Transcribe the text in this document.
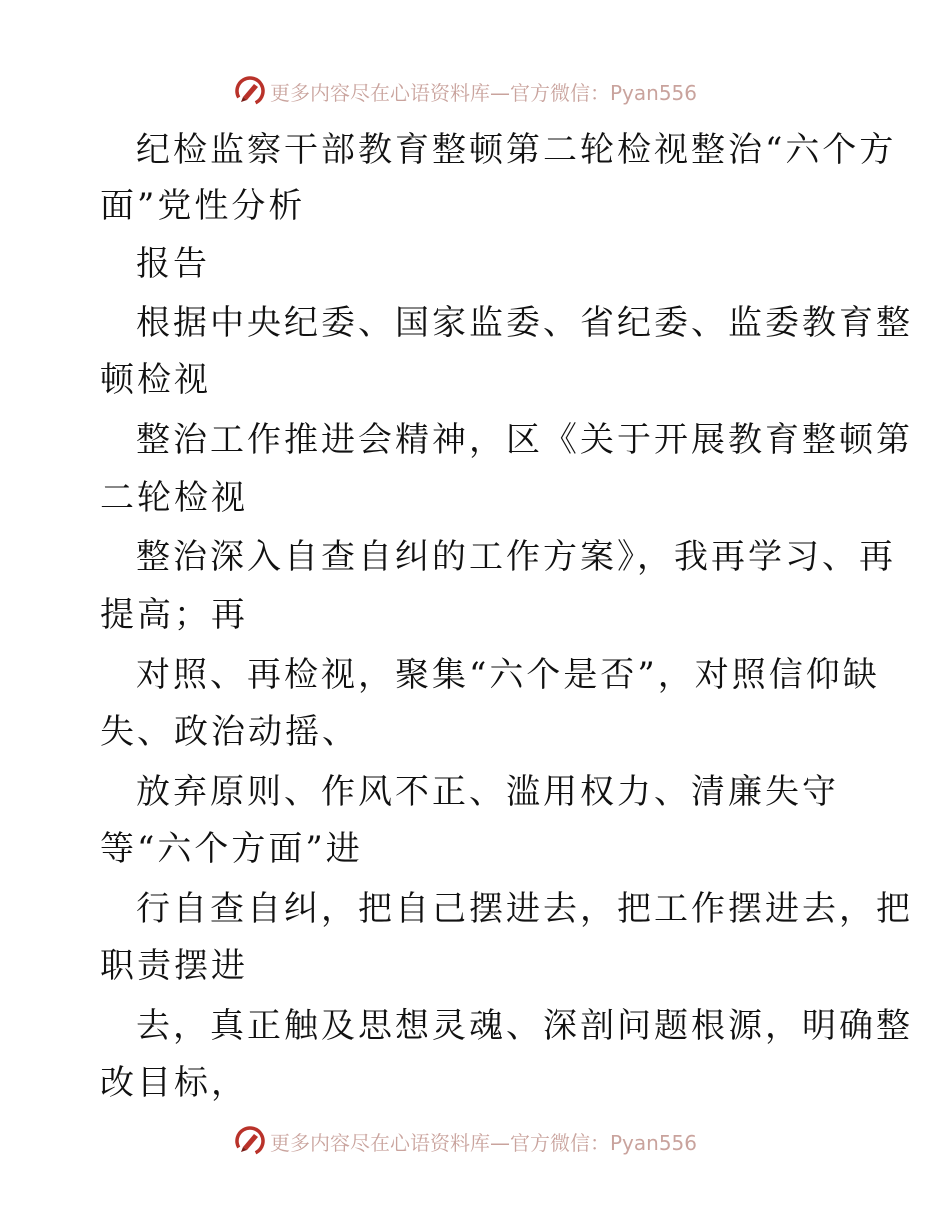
更多内容尽在心语资料库—官方微信：Pyan556
纪检监察干部教育整顿第二轮检视整治“六个方
面”党性分析
报告
根据中央纪委、国家监委、省纪委、监委教育整
顿检视
整治工作推进会精神，区《关于开展教育整顿第
二轮检视
整治深入自查自纠的工作方案》，我再学习、再
提高；再
对照、再检视，聚集“六个是否”，对照信仰缺
失、政治动摇、
放弃原则、作风不正、滥用权力、清廉失守
等“六个方面”进
行自查自纠，把自己摆进去，把工作摆进去，把
职责摆进
去，真正触及思想灵魂、深剖问题根源，明确整
改目标，
更多内容尽在心语资料库—官方微信：Pyan556
